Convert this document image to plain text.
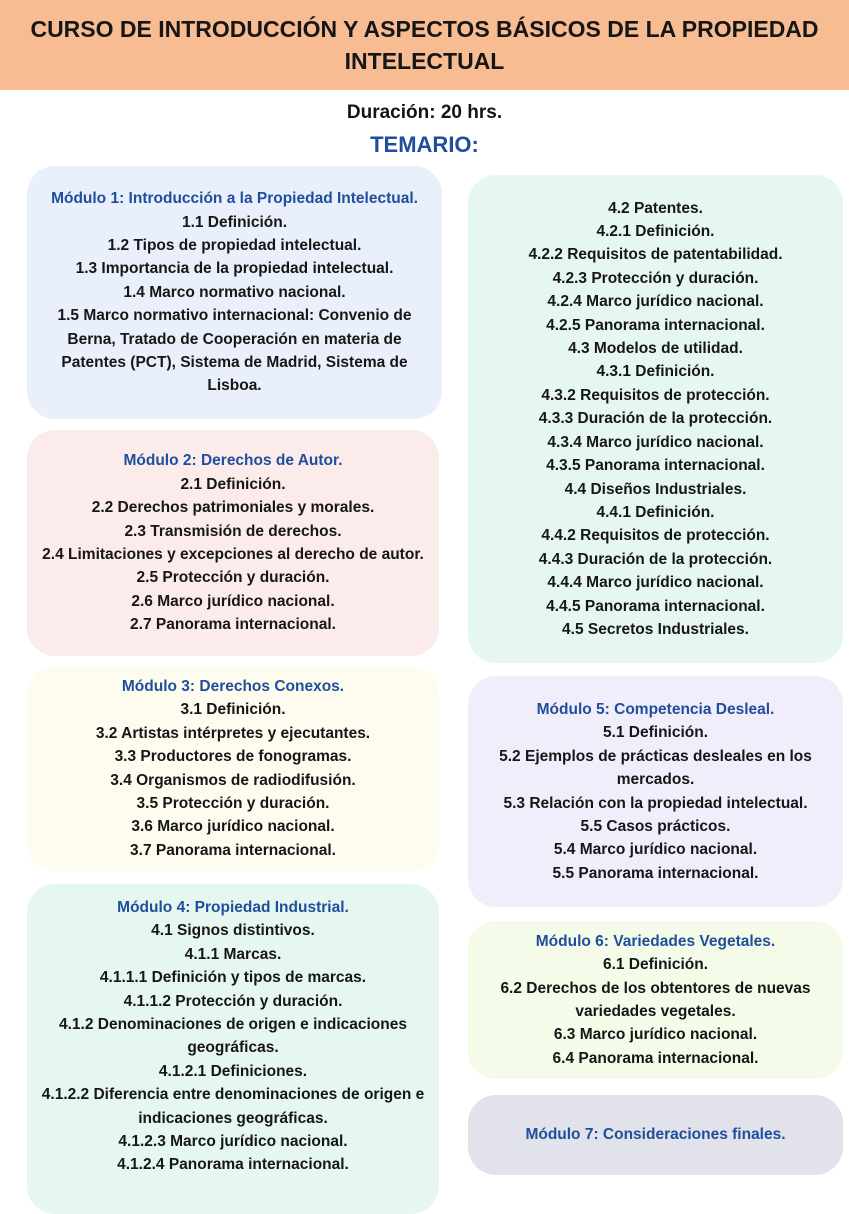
CURSO DE INTRODUCCIÓN Y ASPECTOS BÁSICOS DE LA PROPIEDAD INTELECTUAL
Duración: 20 hrs.
TEMARIO:
Módulo 1: Introducción a la Propiedad Intelectual.
1.1 Definición.
1.2 Tipos de propiedad intelectual.
1.3 Importancia de la propiedad intelectual.
1.4 Marco normativo nacional.
1.5 Marco normativo internacional: Convenio de Berna, Tratado de Cooperación en materia de Patentes (PCT), Sistema de Madrid, Sistema de Lisboa.
Módulo 2: Derechos de Autor.
2.1 Definición.
2.2 Derechos patrimoniales y morales.
2.3 Transmisión de derechos.
2.4 Limitaciones y excepciones al derecho de autor.
2.5 Protección y duración.
2.6 Marco jurídico nacional.
2.7 Panorama internacional.
Módulo 3: Derechos Conexos.
3.1 Definición.
3.2 Artistas intérpretes y ejecutantes.
3.3 Productores de fonogramas.
3.4 Organismos de radiodifusión.
3.5 Protección y duración.
3.6 Marco jurídico nacional.
3.7 Panorama internacional.
Módulo 4: Propiedad Industrial.
4.1 Signos distintivos.
4.1.1 Marcas.
4.1.1.1 Definición y tipos de marcas.
4.1.1.2 Protección y duración.
4.1.2 Denominaciones de origen e indicaciones geográficas.
4.1.2.1 Definiciones.
4.1.2.2 Diferencia entre denominaciones de origen e indicaciones geográficas.
4.1.2.3 Marco jurídico nacional.
4.1.2.4 Panorama internacional.
4.2 Patentes.
4.2.1 Definición.
4.2.2 Requisitos de patentabilidad.
4.2.3 Protección y duración.
4.2.4 Marco jurídico nacional.
4.2.5 Panorama internacional.
4.3 Modelos de utilidad.
4.3.1 Definición.
4.3.2 Requisitos de protección.
4.3.3 Duración de la protección.
4.3.4 Marco jurídico nacional.
4.3.5 Panorama internacional.
4.4 Diseños Industriales.
4.4.1 Definición.
4.4.2 Requisitos de protección.
4.4.3 Duración de la protección.
4.4.4 Marco jurídico nacional.
4.4.5 Panorama internacional.
4.5 Secretos Industriales.
Módulo 5: Competencia Desleal.
5.1 Definición.
5.2 Ejemplos de prácticas desleales en los mercados.
5.3 Relación con la propiedad intelectual.
5.5 Casos prácticos.
5.4 Marco jurídico nacional.
5.5 Panorama internacional.
Módulo 6: Variedades Vegetales.
6.1 Definición.
6.2 Derechos de los obtentores de nuevas variedades vegetales.
6.3 Marco jurídico nacional.
6.4 Panorama internacional.
Módulo 7: Consideraciones finales.
